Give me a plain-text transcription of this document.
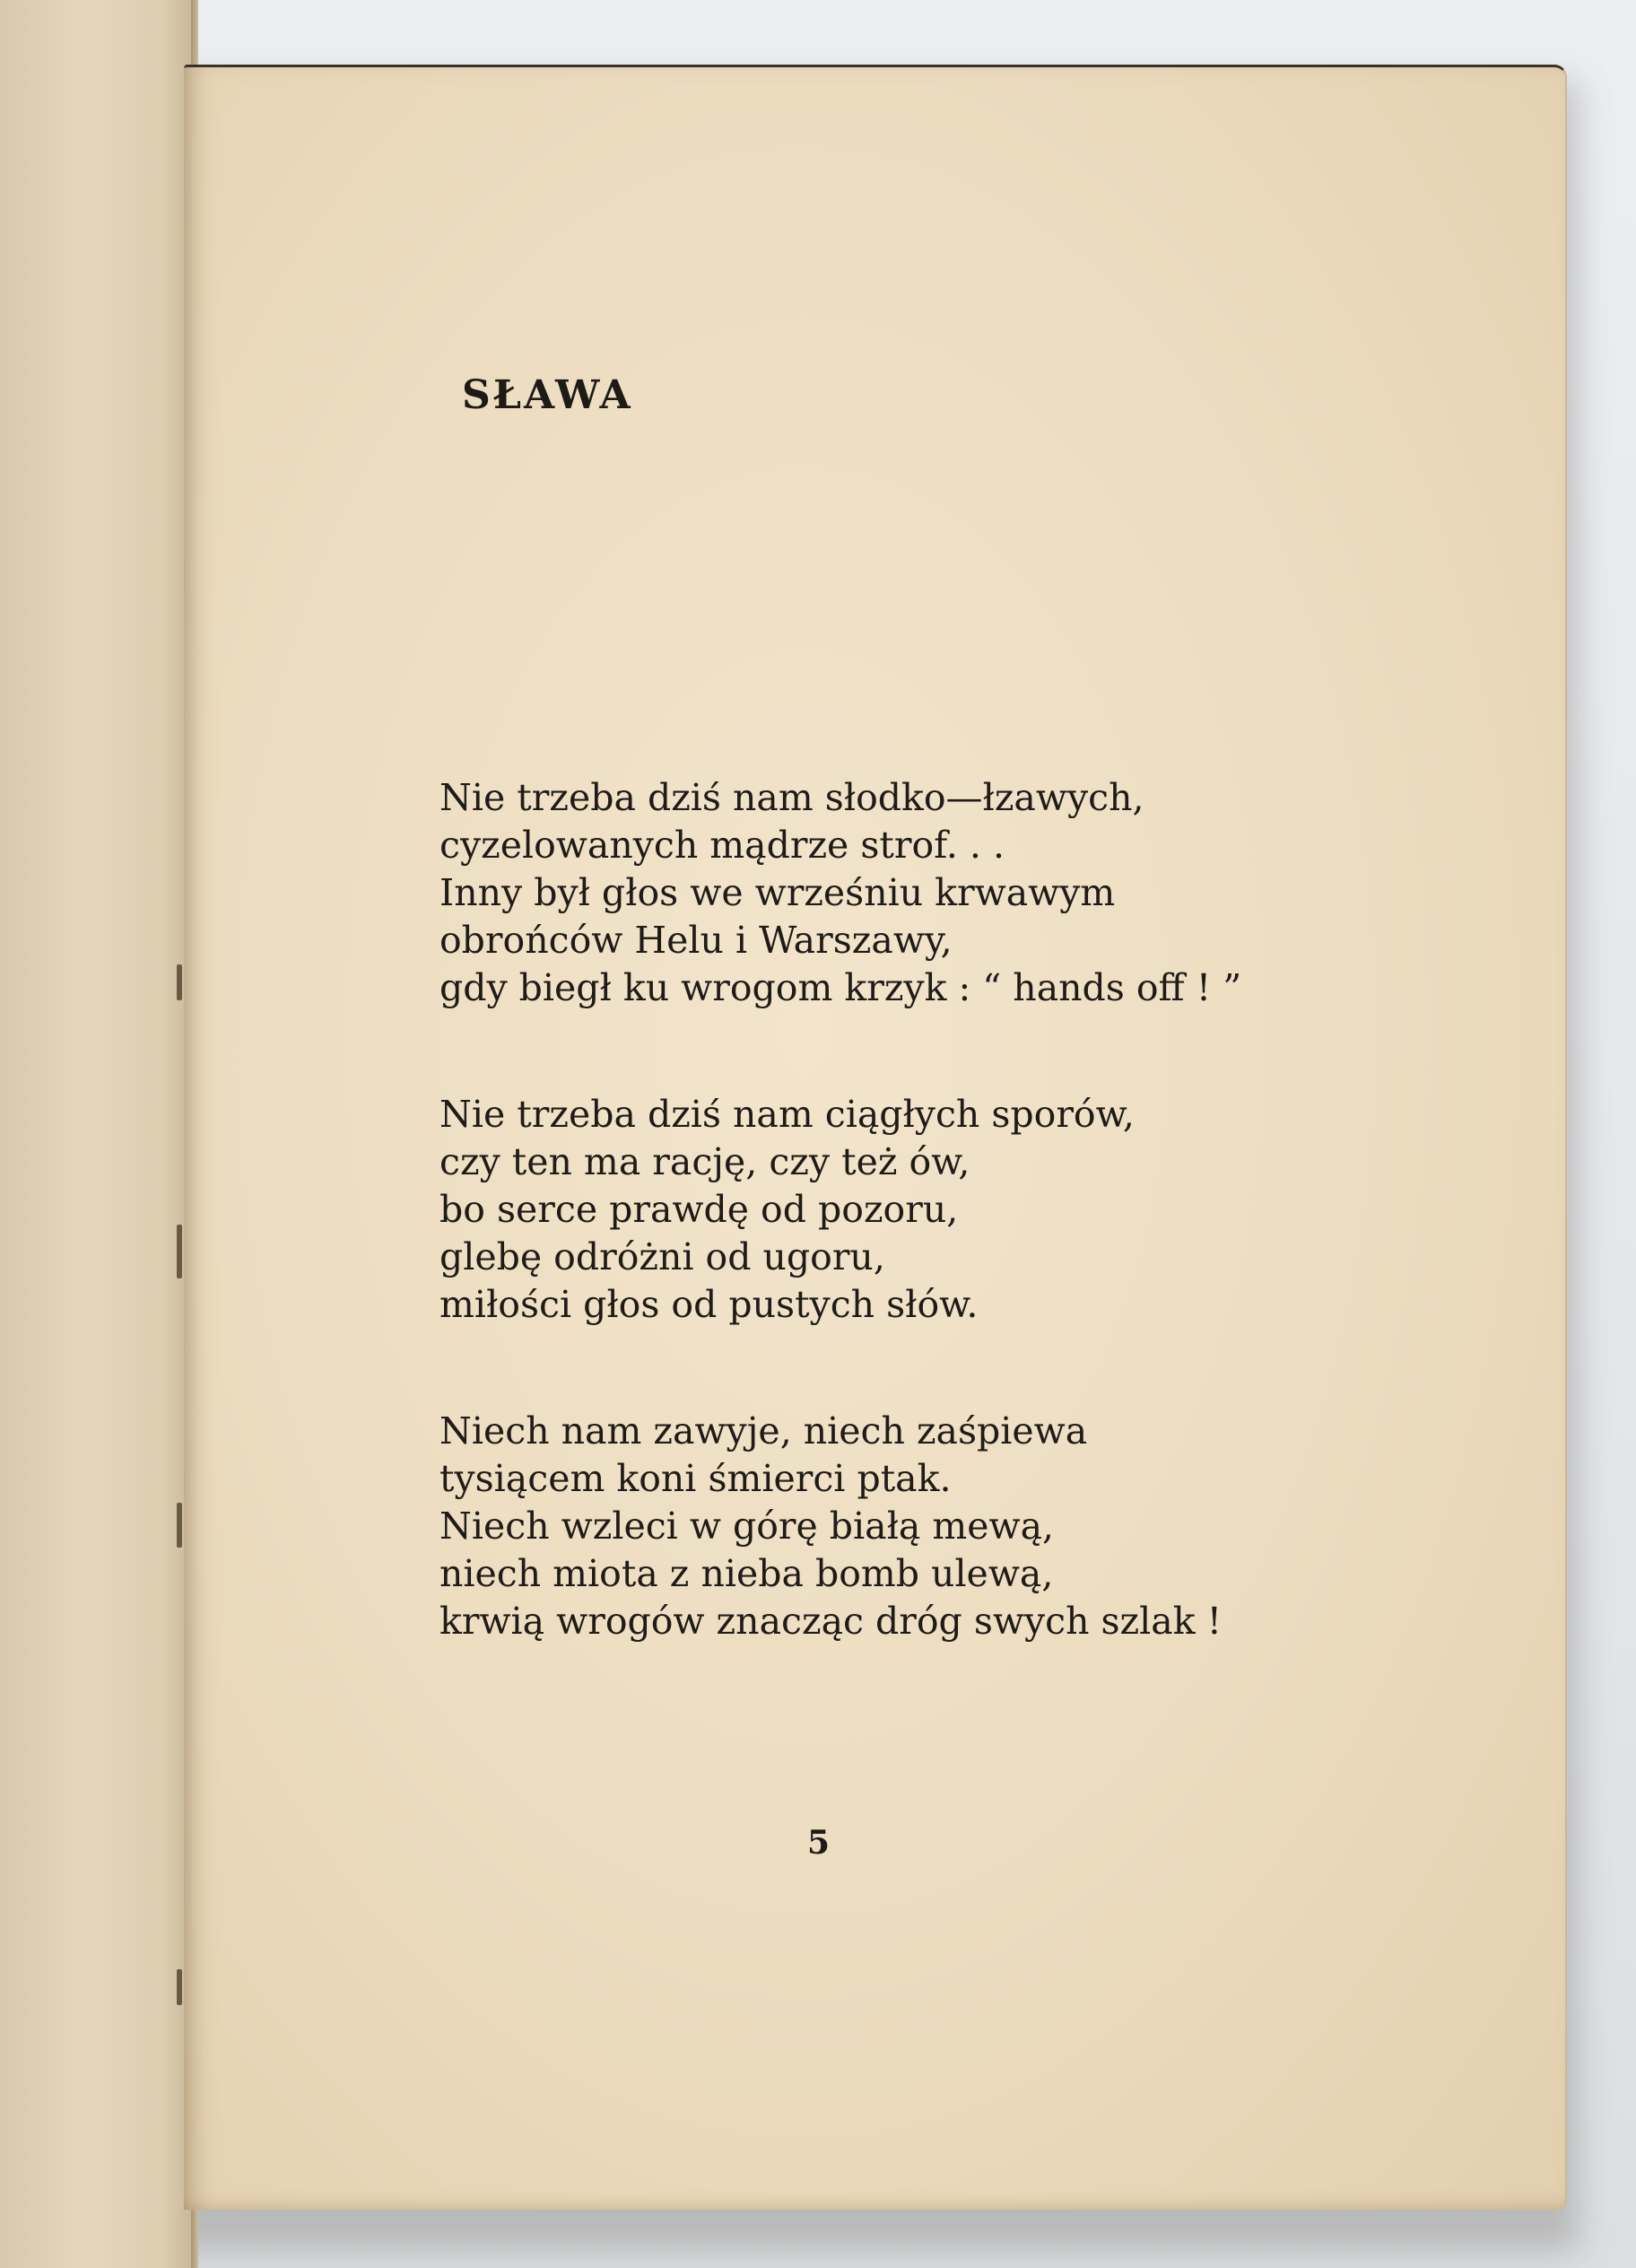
SŁAWA

Nie trzeba dziś nam słodko—łzawych,
cyzelowanych mądrze strof. . .
Inny był głos we wrześniu krwawym
obrońców Helu i Warszawy,
gdy biegł ku wrogom krzyk : “ hands off ! ”

Nie trzeba dziś nam ciągłych sporów,
czy ten ma rację, czy też ów,
bo serce prawdę od pozoru,
glebę odróżni od ugoru,
miłości głos od pustych słów.

Niech nam zawyje, niech zaśpiewa
tysiącem koni śmierci ptak.
Niech wzleci w górę białą mewą,
niech miota z nieba bomb ulewą,
krwią wrogów znacząc dróg swych szlak !

5
